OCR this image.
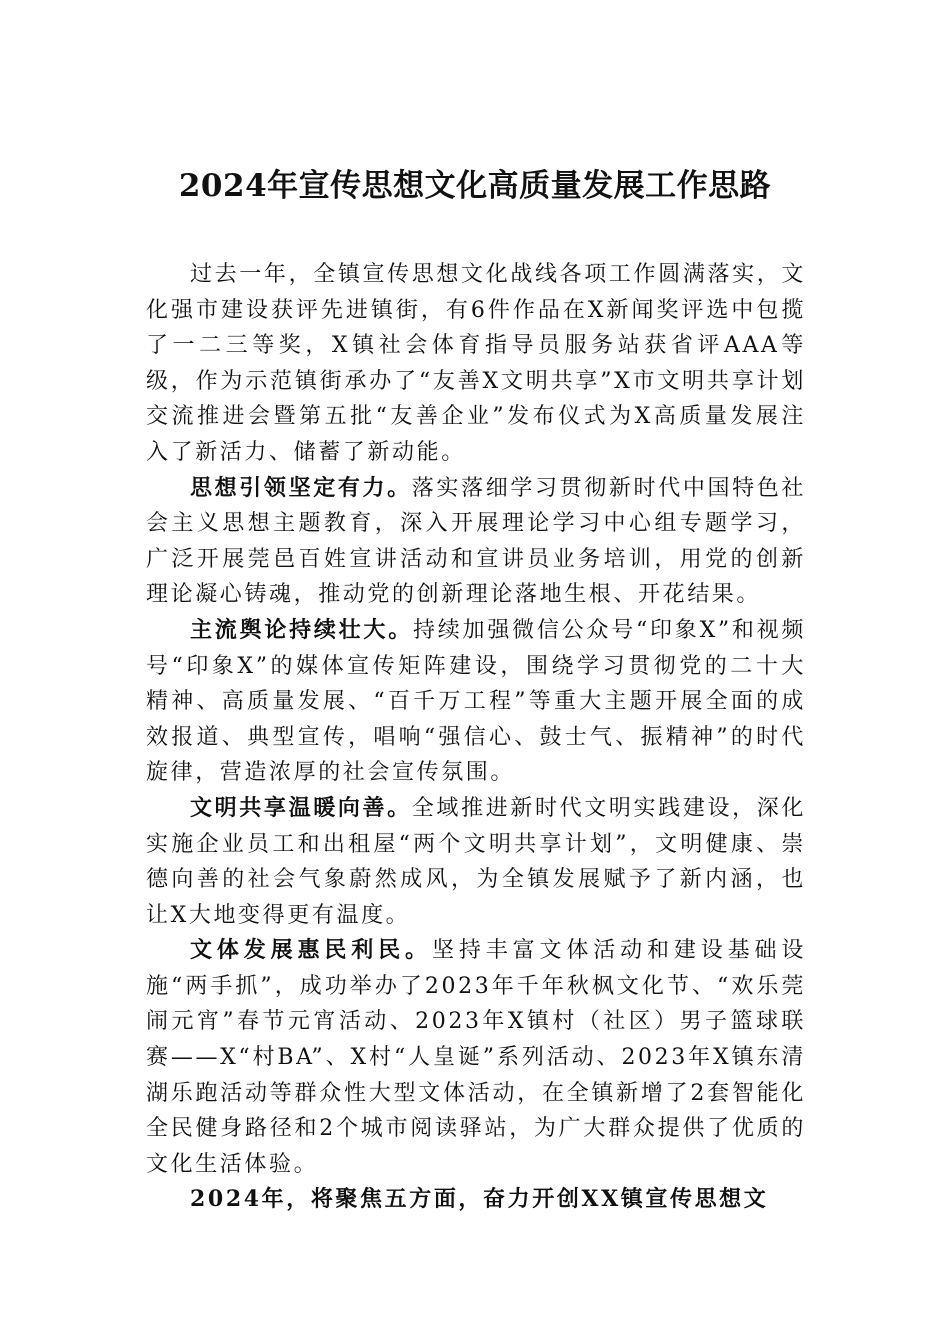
2024年宣传思想文化高质量发展工作思路

过去一年，全镇宣传思想文化战线各项工作圆满落实，文化强市建设获评先进镇街，有6件作品在X新闻奖评选中包揽了一二三等奖，X镇社会体育指导员服务站获省评AAA等级，作为示范镇街承办了“友善X文明共享”X市文明共享计划交流推进会暨第五批“友善企业”发布仪式为X高质量发展注入了新活力、储蓄了新动能。

思想引领坚定有力。落实落细学习贯彻新时代中国特色社会主义思想主题教育，深入开展理论学习中心组专题学习，广泛开展莞邑百姓宣讲活动和宣讲员业务培训，用党的创新理论凝心铸魂，推动党的创新理论落地生根、开花结果。

主流舆论持续壮大。持续加强微信公众号“印象X”和视频号“印象X”的媒体宣传矩阵建设，围绕学习贯彻党的二十大精神、高质量发展、“百千万工程”等重大主题开展全面的成效报道、典型宣传，唱响“强信心、鼓士气、振精神”的时代旋律，营造浓厚的社会宣传氛围。

文明共享温暖向善。全域推进新时代文明实践建设，深化实施企业员工和出租屋“两个文明共享计划”，文明健康、崇德向善的社会气象蔚然成风，为全镇发展赋予了新内涵，也让X大地变得更有温度。

文体发展惠民利民。坚持丰富文体活动和建设基础设施“两手抓”，成功举办了2023年千年秋枫文化节、“欢乐莞 闹元宵”春节元宵活动、2023年X镇村（社区）男子篮球联赛——X“村BA”、X村“人皇诞”系列活动、2023年X镇东清湖乐跑活动等群众性大型文体活动，在全镇新增了2套智能化全民健身路径和2个城市阅读驿站，为广大群众提供了优质的文化生活体验。

2024年，将聚焦五方面，奋力开创XX镇宣传思想文
